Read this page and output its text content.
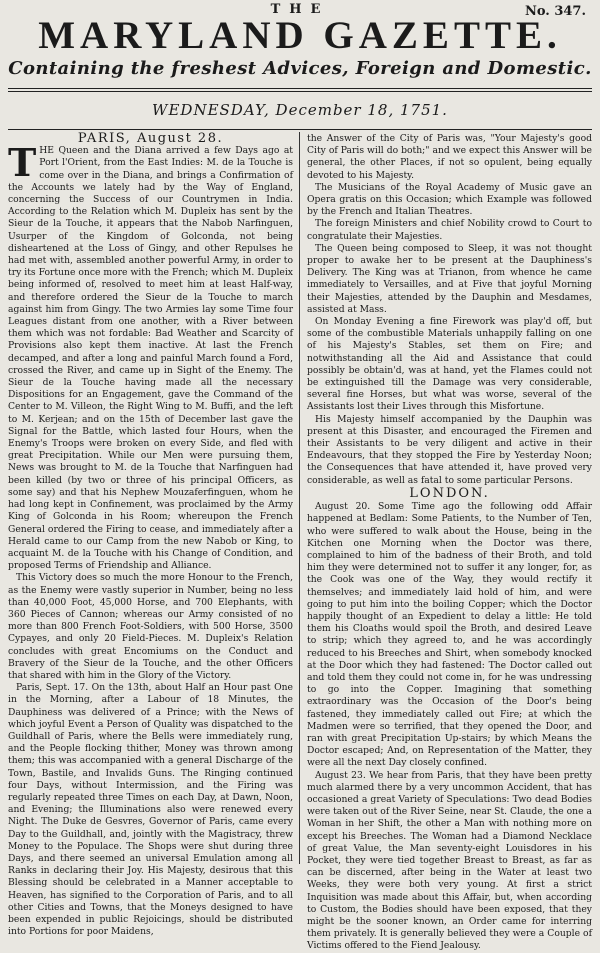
THE	No. 347.
MARYLAND GAZETTE.
Containing the freshest Advices, Foreign and Domestic.
WEDNESDAY, December 18, 1751.
PARIS, August 28.

THE Queen and the Diana arrived a few Days ago at Port l'Orient, from the East Indies: M. de la Touche is come over in the Diana, and brings a Confirmation of the Accounts we lately had by the Way of England, concerning the Success of our Countrymen in India. According to the Relation which M. Dupleix has sent by the Sieur de la Touche, it appears that the Nabob Narfinguen, Usurper of the Kingdom of Golconda, not being disheartened at the Loss of Gingy, and other Repulses he had met with, assembled another powerful Army, in order to try its Fortune once more with the French; which M. Dupleix being informed of, resolved to meet him at least Half-way, and therefore ordered the Sieur de la Touche to march against him from Gingy. The two Armies lay some Time four Leagues distant from one another, with a River between them which was not fordable: Bad Weather and Scarcity of Provisions also kept them inactive. At last the French decamped, and after a long and painful March found a Ford, crossed the River, and came up in Sight of the Enemy. The Sieur de la Touche having made all the necessary Dispositions for an Engagement, gave the Command of the Center to M. Villeon, the Right Wing to M. Buffi, and the left to M. Kerjean; and on the 15th of December last gave the Signal for the Battle, which lasted four Hours, when the Enemy's Troops were broken on every Side, and fled with great Precipitation. While our Men were pursuing them, News was brought to M. de la Touche that Narfinguen had been killed (by two or three of his principal Officers, as some say) and that his Nephew Mouzaferfinguen, whom he had long kept in Confinement, was proclaimed by the Army King of Golconda in his Room; whereupon the French General ordered the Firing to cease, and immediately after a Herald came to our Camp from the new Nabob or King, to acquaint M. de la Touche with his Change of Condition, and proposed Terms of Friendship and Alliance.

This Victory does so much the more Honour to the French, as the Enemy were vastly superior in Number, being no less than 40,000 Foot, 45,000 Horse, and 700 Elephants, with 360 Pieces of Cannon; whereas our Army consisted of no more than 800 French Foot-Soldiers, with 500 Horse, 3500 Cypayes, and only 20 Field-Pieces. M. Dupleix's Relation concludes with great Encomiums on the Conduct and Bravery of the Sieur de la Touche, and the other Officers that shared with him in the Glory of the Victory.

Paris, Sept. 17. On the 13th, about Half an Hour past One in the Morning, after a Labour of 18 Minutes, the Dauphiness was delivered of a Prince; with the News of which joyful Event a Person of Quality was dispatched to the Guildhall of Paris, where the Bells were immediately rung, and the People flocking thither, Money was thrown among them; this was accompanied with a general Discharge of the Town, Bastile, and Invalids Guns. The Ringing continued four Days, without Intermission, and the Firing was regularly repeated three Times on each Day, at Dawn, Noon, and Evening; the Illuminations also were renewed every Night. The Duke de Gesvres, Governor of Paris, came every Day to the Guildhall, and, jointly with the Magistracy, threw Money to the Populace. The Shops were shut during three Days, and there seemed an universal Emulation among all Ranks in declaring their Joy. His Majesty, desirous that this Blessing should be celebrated in a Manner acceptable to Heaven, has signified to the Corporation of Paris, and to all other Cities and Towns, that the Moneys designed to have been expended in public Rejoicings, should be distributed into Portions for poor Maidens,

the Answer of the City of Paris was, "Your Majesty's good City of Paris will do both;" and we expect this Answer will be general, the other Places, if not so opulent, being equally devoted to his Majesty.

The Musicians of the Royal Academy of Music gave an Opera gratis on this Occasion; which Example was followed by the French and Italian Theatres.

The foreign Ministers and chief Nobility crowd to Court to congratulate their Majesties.

The Queen being composed to Sleep, it was not thought proper to awake her to be present at the Dauphiness's Delivery. The King was at Trianon, from whence he came immediately to Versailles, and at Five that joyful Morning their Majesties, attended by the Dauphin and Mesdames, assisted at Mass.

On Monday Evening a fine Firework was play'd off, but some of the combustible Materials unhappily falling on one of his Majesty's Stables, set them on Fire; and notwithstanding all the Aid and Assistance that could possibly be obtain'd, was at hand, yet the Flames could not be extinguished till the Damage was very considerable, several fine Horses, but what was worse, several of the Assistants lost their Lives through this Misfortune.

His Majesty himself accompanied by the Dauphin was present at this Disaster, and encouraged the Firemen and their Assistants to be very diligent and active in their Endeavours, that they stopped the Fire by Yesterday Noon; the Consequences that have attended it, have proved very considerable, as well as fatal to some particular Persons.

LONDON.

August 20. Some Time ago the following odd Affair happened at Bedlam: Some Patients, to the Number of Ten, who were suffered to walk about the House, being in the Kitchen one Morning when the Doctor was there, complained to him of the badness of their Broth, and told him they were determined not to suffer it any longer, for, as the Cook was one of the Way, they would rectify it themselves; and immediately laid hold of him, and were going to put him into the boiling Copper; which the Doctor happily thought of an Expedient to delay a little: He told them his Cloaths would spoil the Broth, and desired Leave to strip; which they agreed to, and he was accordingly reduced to his Breeches and Shirt, when somebody knocked at the Door which they had fastened: The Doctor called out and told them they could not come in, for he was undressing to go into the Copper. Imagining that something extraordinary was the Occasion of the Door's being fastened, they immediately called out Fire; at which the Madmen were so terrified, that they opened the Door, and ran with great Precipitation Up-stairs; by which Means the Doctor escaped; And, on Representation of the Matter, they were all the next Day closely confined.

August 23. We hear from Paris, that they have been pretty much alarmed there by a very uncommon Accident, that has occasioned a great Variety of Speculations: Two dead Bodies were taken out of the River Seine, near St. Claude, the one a Woman in her Shift, the other a Man with nothing more on except his Breeches. The Woman had a Diamond Necklace of great Value, the Man seventy-eight Louisdores in his Pocket, they were tied together Breast to Breast, as far as can be discerned, after being in the Water at least two Weeks, they were both very young. At first a strict Inquisition was made about this Affair, but, when according to Custom, the Bodies should have been exposed, that they might be the sooner known, an Order came for interring them privately. It is generally believed they were a Couple of Victims offered to the Fiend Jealousy.
